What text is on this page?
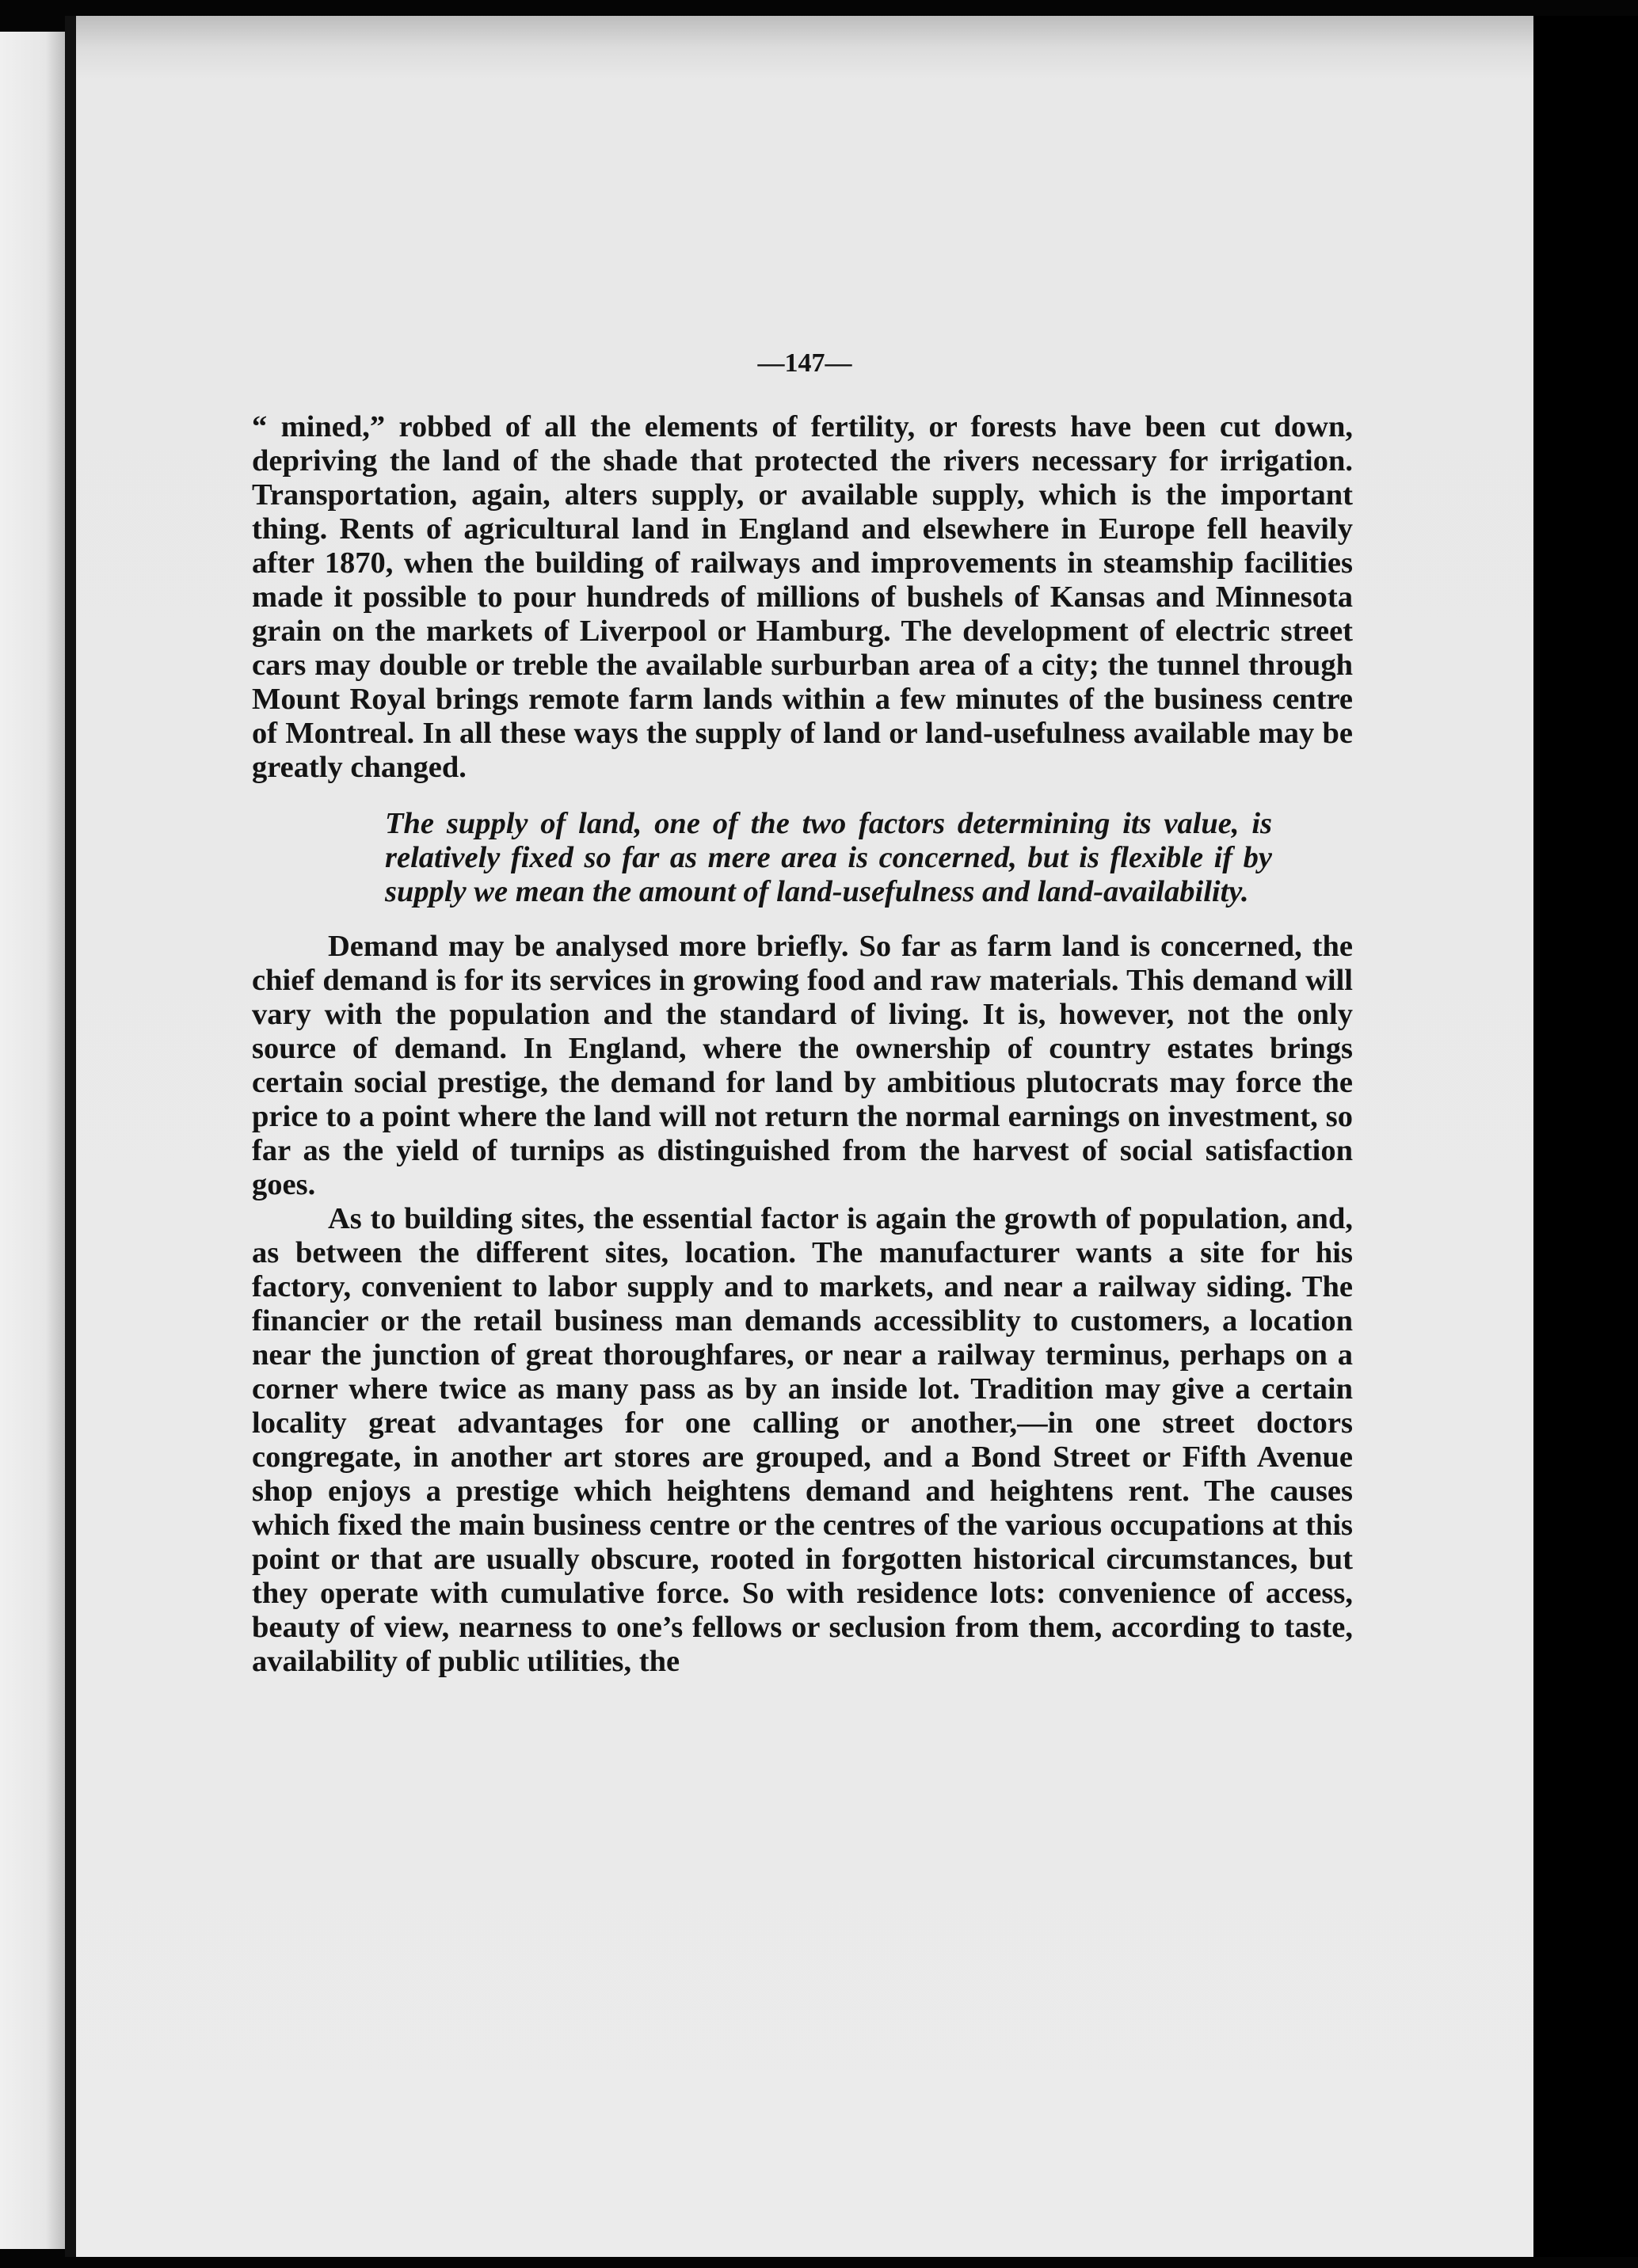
—147—

“ mined,” robbed of all the elements of fertility, or forests have been cut down, depriving the land of the shade that protected the rivers necessary for irrigation. Transportation, again, alters supply, or available supply, which is the important thing. Rents of agricultural land in England and elsewhere in Europe fell heavily after 1870, when the building of railways and improvements in steamship facilities made it possible to pour hundreds of millions of bushels of Kansas and Minnesota grain on the markets of Liverpool or Hamburg. The development of electric street cars may double or treble the available surburban area of a city; the tunnel through Mount Royal brings remote farm lands within a few minutes of the business centre of Montreal. In all these ways the supply of land or land-usefulness available may be greatly changed.

The supply of land, one of the two factors determining its value, is relatively fixed so far as mere area is concerned, but is flexible if by supply we mean the amount of land-usefulness and land-availability.

Demand may be analysed more briefly. So far as farm land is concerned, the chief demand is for its services in growing food and raw materials. This demand will vary with the population and the standard of living. It is, however, not the only source of demand. In England, where the ownership of country estates brings certain social prestige, the demand for land by ambitious plutocrats may force the price to a point where the land will not return the normal earnings on investment, so far as the yield of turnips as distinguished from the harvest of social satisfaction goes.

As to building sites, the essential factor is again the growth of population, and, as between the different sites, location. The manufacturer wants a site for his factory, convenient to labor supply and to markets, and near a railway siding. The financier or the retail business man demands accessiblity to customers, a location near the junction of great thoroughfares, or near a railway terminus, perhaps on a corner where twice as many pass as by an inside lot. Tradition may give a certain locality great advantages for one calling or another,—in one street doctors congregate, in another art stores are grouped, and a Bond Street or Fifth Avenue shop enjoys a prestige which heightens demand and heightens rent. The causes which fixed the main business centre or the centres of the various occupations at this point or that are usually obscure, rooted in forgotten historical circumstances, but they operate with cumulative force. So with residence lots: convenience of access, beauty of view, nearness to one’s fellows or seclusion from them, according to taste, availability of public utilities, the
